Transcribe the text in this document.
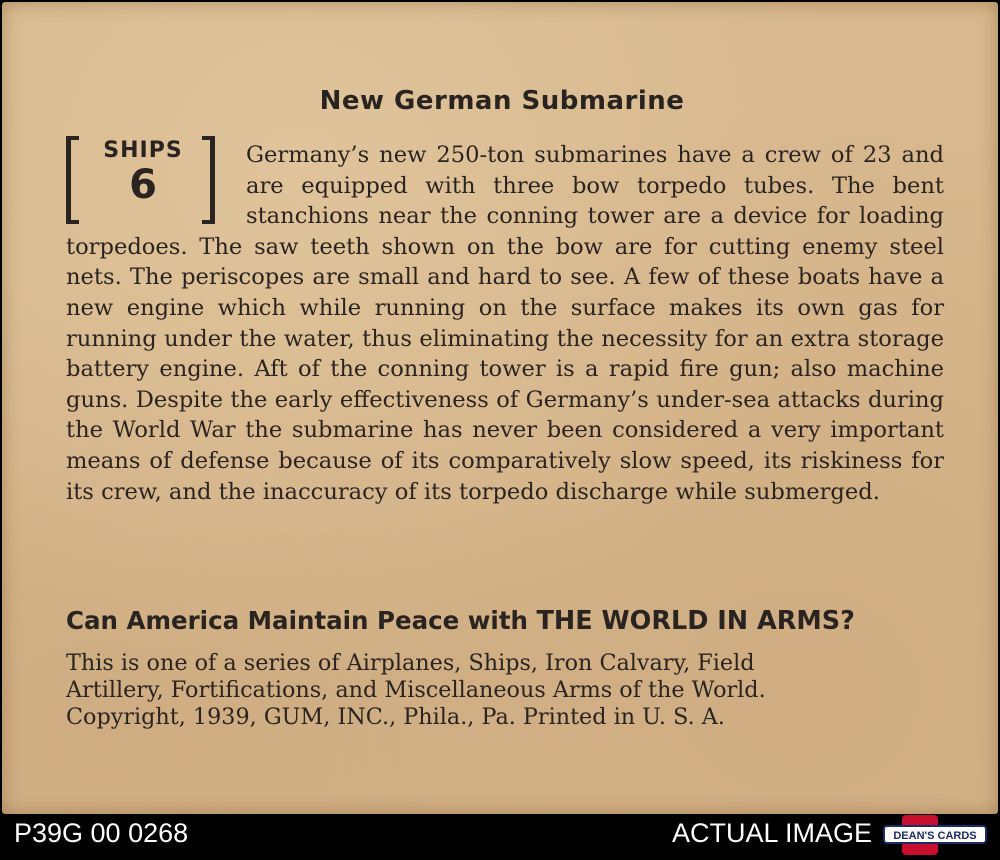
New German Submarine
SHIPS
6
Germany’s new 250-ton submarines have a crew of 23 and are equipped with three bow torpedo tubes. The bent stanchions near the conning tower are a device for loading torpedoes. The saw teeth shown on the bow are for cutting enemy steel nets. The periscopes are small and hard to see. A few of these boats have a new engine which while running on the surface makes its own gas for running under the water, thus eliminating the necessity for an extra storage battery engine. Aft of the conning tower is a rapid fire gun; also machine guns. Despite the early effectiveness of Germany’s under-sea attacks during the World War the submarine has never been considered a very important means of defense because of its comparatively slow speed, its riskiness for its crew, and the inaccuracy of its torpedo discharge while submerged.
Can America Maintain Peace with THE WORLD IN ARMS?
This is one of a series of Airplanes, Ships, Iron Calvary, Field
Artillery, Fortifications, and Miscellaneous Arms of the World.
Copyright, 1939, GUM, INC., Phila., Pa. Printed in U. S. A.
P39G 00 0268	ACTUAL IMAGE DEAN'S CARDS
